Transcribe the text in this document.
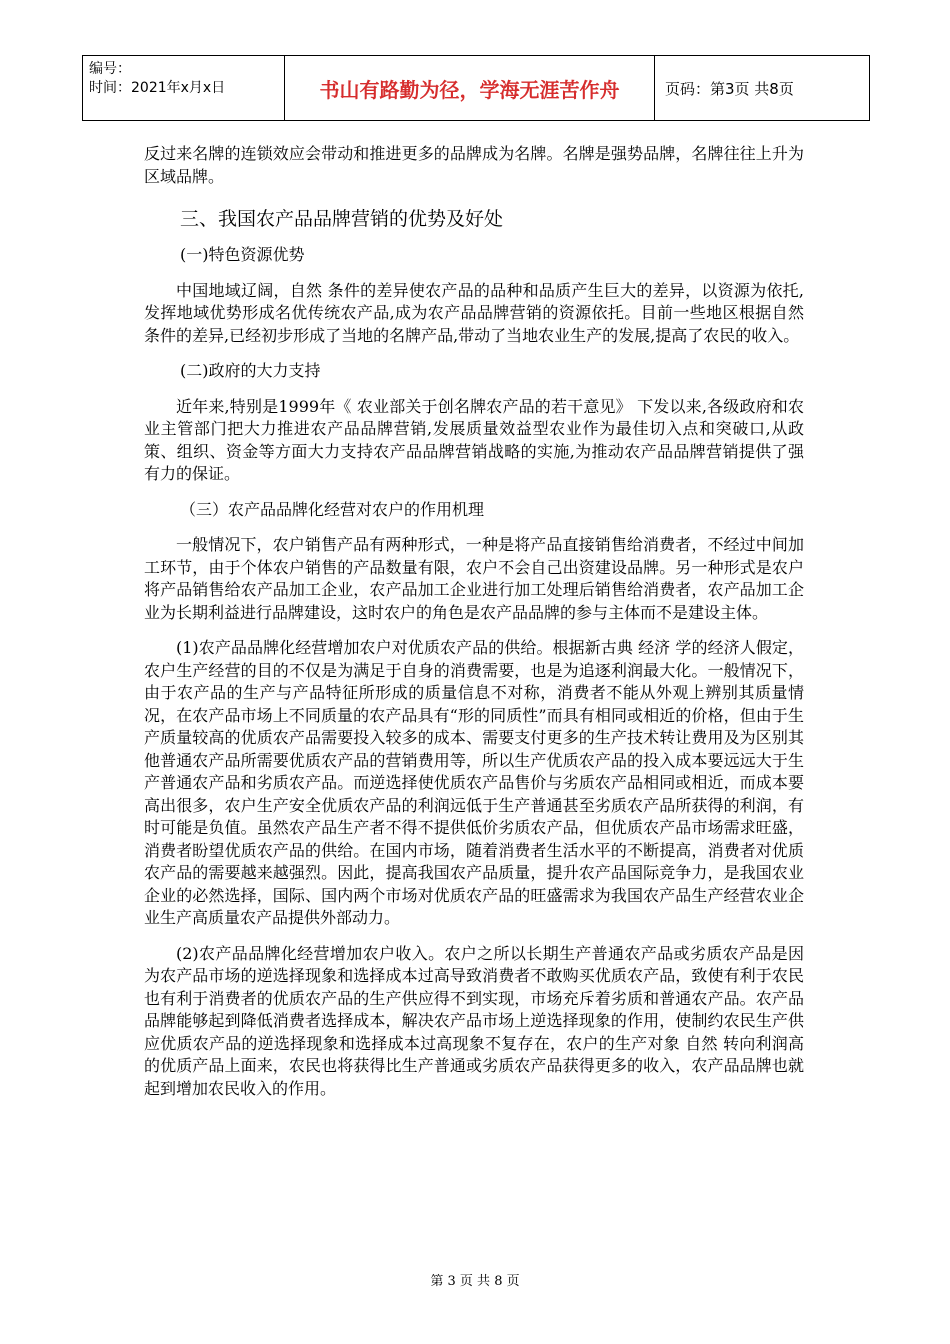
编号：
时间：2021年x月x日	书山有路勤为径，学海无涯苦作舟	页码：第3页 共8页

反过来名牌的连锁效应会带动和推进更多的品牌成为名牌。名牌是强势品牌，名牌往往上升为区域品牌。

三、我国农产品品牌营销的优势及好处
(一)特色资源优势

中国地域辽阔，自然 条件的差异使农产品的品种和品质产生巨大的差异，以资源为依托,发挥地域优势形成名优传统农产品,成为农产品品牌营销的资源依托。目前一些地区根据自然条件的差异,已经初步形成了当地的名牌产品,带动了当地农业生产的发展,提高了农民的收入。

(二)政府的大力支持

近年来,特别是1999年《 农业部关于创名牌农产品的若干意见》 下发以来,各级政府和农业主管部门把大力推进农产品品牌营销,发展质量效益型农业作为最佳切入点和突破口,从政策、组织、资金等方面大力支持农产品品牌营销战略的实施,为推动农产品品牌营销提供了强有力的保证。

（三）农产品品牌化经营对农户的作用机理

一般情况下，农户销售产品有两种形式，一种是将产品直接销售给消费者，不经过中间加工环节，由于个体农户销售的产品数量有限，农户不会自己出资建设品牌。另一种形式是农户将产品销售给农产品加工企业，农产品加工企业进行加工处理后销售给消费者，农产品加工企业为长期利益进行品牌建设，这时农户的角色是农产品品牌的参与主体而不是建设主体。

(1)农产品品牌化经营增加农户对优质农产品的供给。根据新古典 经济 学的经济人假定，农户生产经营的目的不仅是为满足于自身的消费需要，也是为追逐利润最大化。一般情况下，由于农产品的生产与产品特征所形成的质量信息不对称，消费者不能从外观上辨别其质量情况，在农产品市场上不同质量的农产品具有“形的同质性”而具有相同或相近的价格，但由于生产质量较高的优质农产品需要投入较多的成本、需要支付更多的生产技术转让费用及为区别其他普通农产品所需要优质农产品的营销费用等，所以生产优质农产品的投入成本要远远大于生产普通农产品和劣质农产品。而逆选择使优质农产品售价与劣质农产品相同或相近，而成本要高出很多，农户生产安全优质农产品的利润远低于生产普通甚至劣质农产品所获得的利润，有时可能是负值。虽然农产品生产者不得不提供低价劣质农产品，但优质农产品市场需求旺盛，消费者盼望优质农产品的供给。在国内市场，随着消费者生活水平的不断提高，消费者对优质农产品的需要越来越强烈。因此，提高我国农产品质量，提升农产品国际竞争力，是我国农业企业的必然选择，国际、国内两个市场对优质农产品的旺盛需求为我国农产品生产经营农业企业生产高质量农产品提供外部动力。

(2)农产品品牌化经营增加农户收入。农户之所以长期生产普通农产品或劣质农产品是因为农产品市场的逆选择现象和选择成本过高导致消费者不敢购买优质农产品，致使有利于农民也有利于消费者的优质农产品的生产供应得不到实现，市场充斥着劣质和普通农产品。农产品品牌能够起到降低消费者选择成本，解决农产品市场上逆选择现象的作用，使制约农民生产供应优质农产品的逆选择现象和选择成本过高现象不复存在，农户的生产对象 自然 转向利润高的优质产品上面来，农民也将获得比生产普通或劣质农产品获得更多的收入，农产品品牌也就起到增加农民收入的作用。

第 3 页 共 8 页
